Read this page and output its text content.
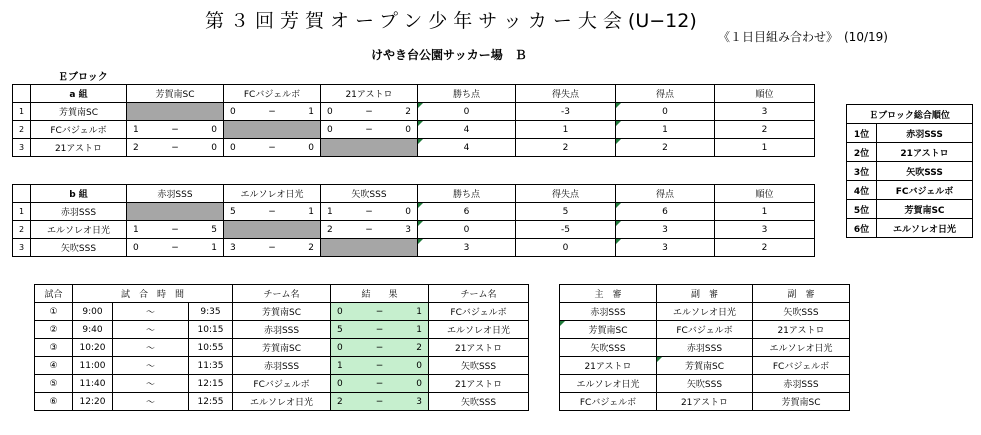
第３回芳賀オープン少年サッカー大会(U−12)
《１日目組み合わせ》　(10/19)
けやき台公園サッカー場　Ｂ
Ｅブロック
	a 組	芳賀南SC	FCバジェルボ	21アストロ	勝ち点	得失点	得点	順位
1	芳賀南SC		0 − 1	0 − 2	0	-3	0	3
2	FCバジェルボ	1 − 0		0 − 0	4	1	1	2
3	21アストロ	2 − 0	0 − 0		4	2	2	1
	b 組	赤羽SSS	エルソレオ日光	矢吹SSS	勝ち点	得失点	得点	順位
1	赤羽SSS		5 − 1	1 − 0	6	5	6	1
2	エルソレオ日光	1 − 5		2 − 3	0	-5	3	3
3	矢吹SSS	0 − 1	3 − 2		3	0	3	2
Ｅブロック総合順位	
1位	赤羽SSS
2位	21アストロ
3位	矢吹SSS
4位	FCバジェルボ
5位	芳賀南SC
6位	エルソレオ日光
試合	試　合　時　間			チーム名	結　　果	チーム名
①	9:00	〜	9:35	芳賀南SC	0 − 1	FCバジェルボ
②	9:40	〜	10:15	赤羽SSS	5 − 1	エルソレオ日光
③	10:20	〜	10:55	芳賀南SC	0 − 2	21アストロ
④	11:00	〜	11:35	赤羽SSS	1 − 0	矢吹SSS
⑤	11:40	〜	12:15	FCバジェルボ	0 − 0	21アストロ
⑥	12:20	〜	12:55	エルソレオ日光	2 − 3	矢吹SSS
主　審	副　審	副　審
赤羽SSS	エルソレオ日光	矢吹SSS
芳賀南SC	FCバジェルボ	21アストロ
矢吹SSS	赤羽SSS	エルソレオ日光
21アストロ	芳賀南SC	FCバジェルボ
エルソレオ日光	矢吹SSS	赤羽SSS
FCバジェルボ	21アストロ	芳賀南SC
